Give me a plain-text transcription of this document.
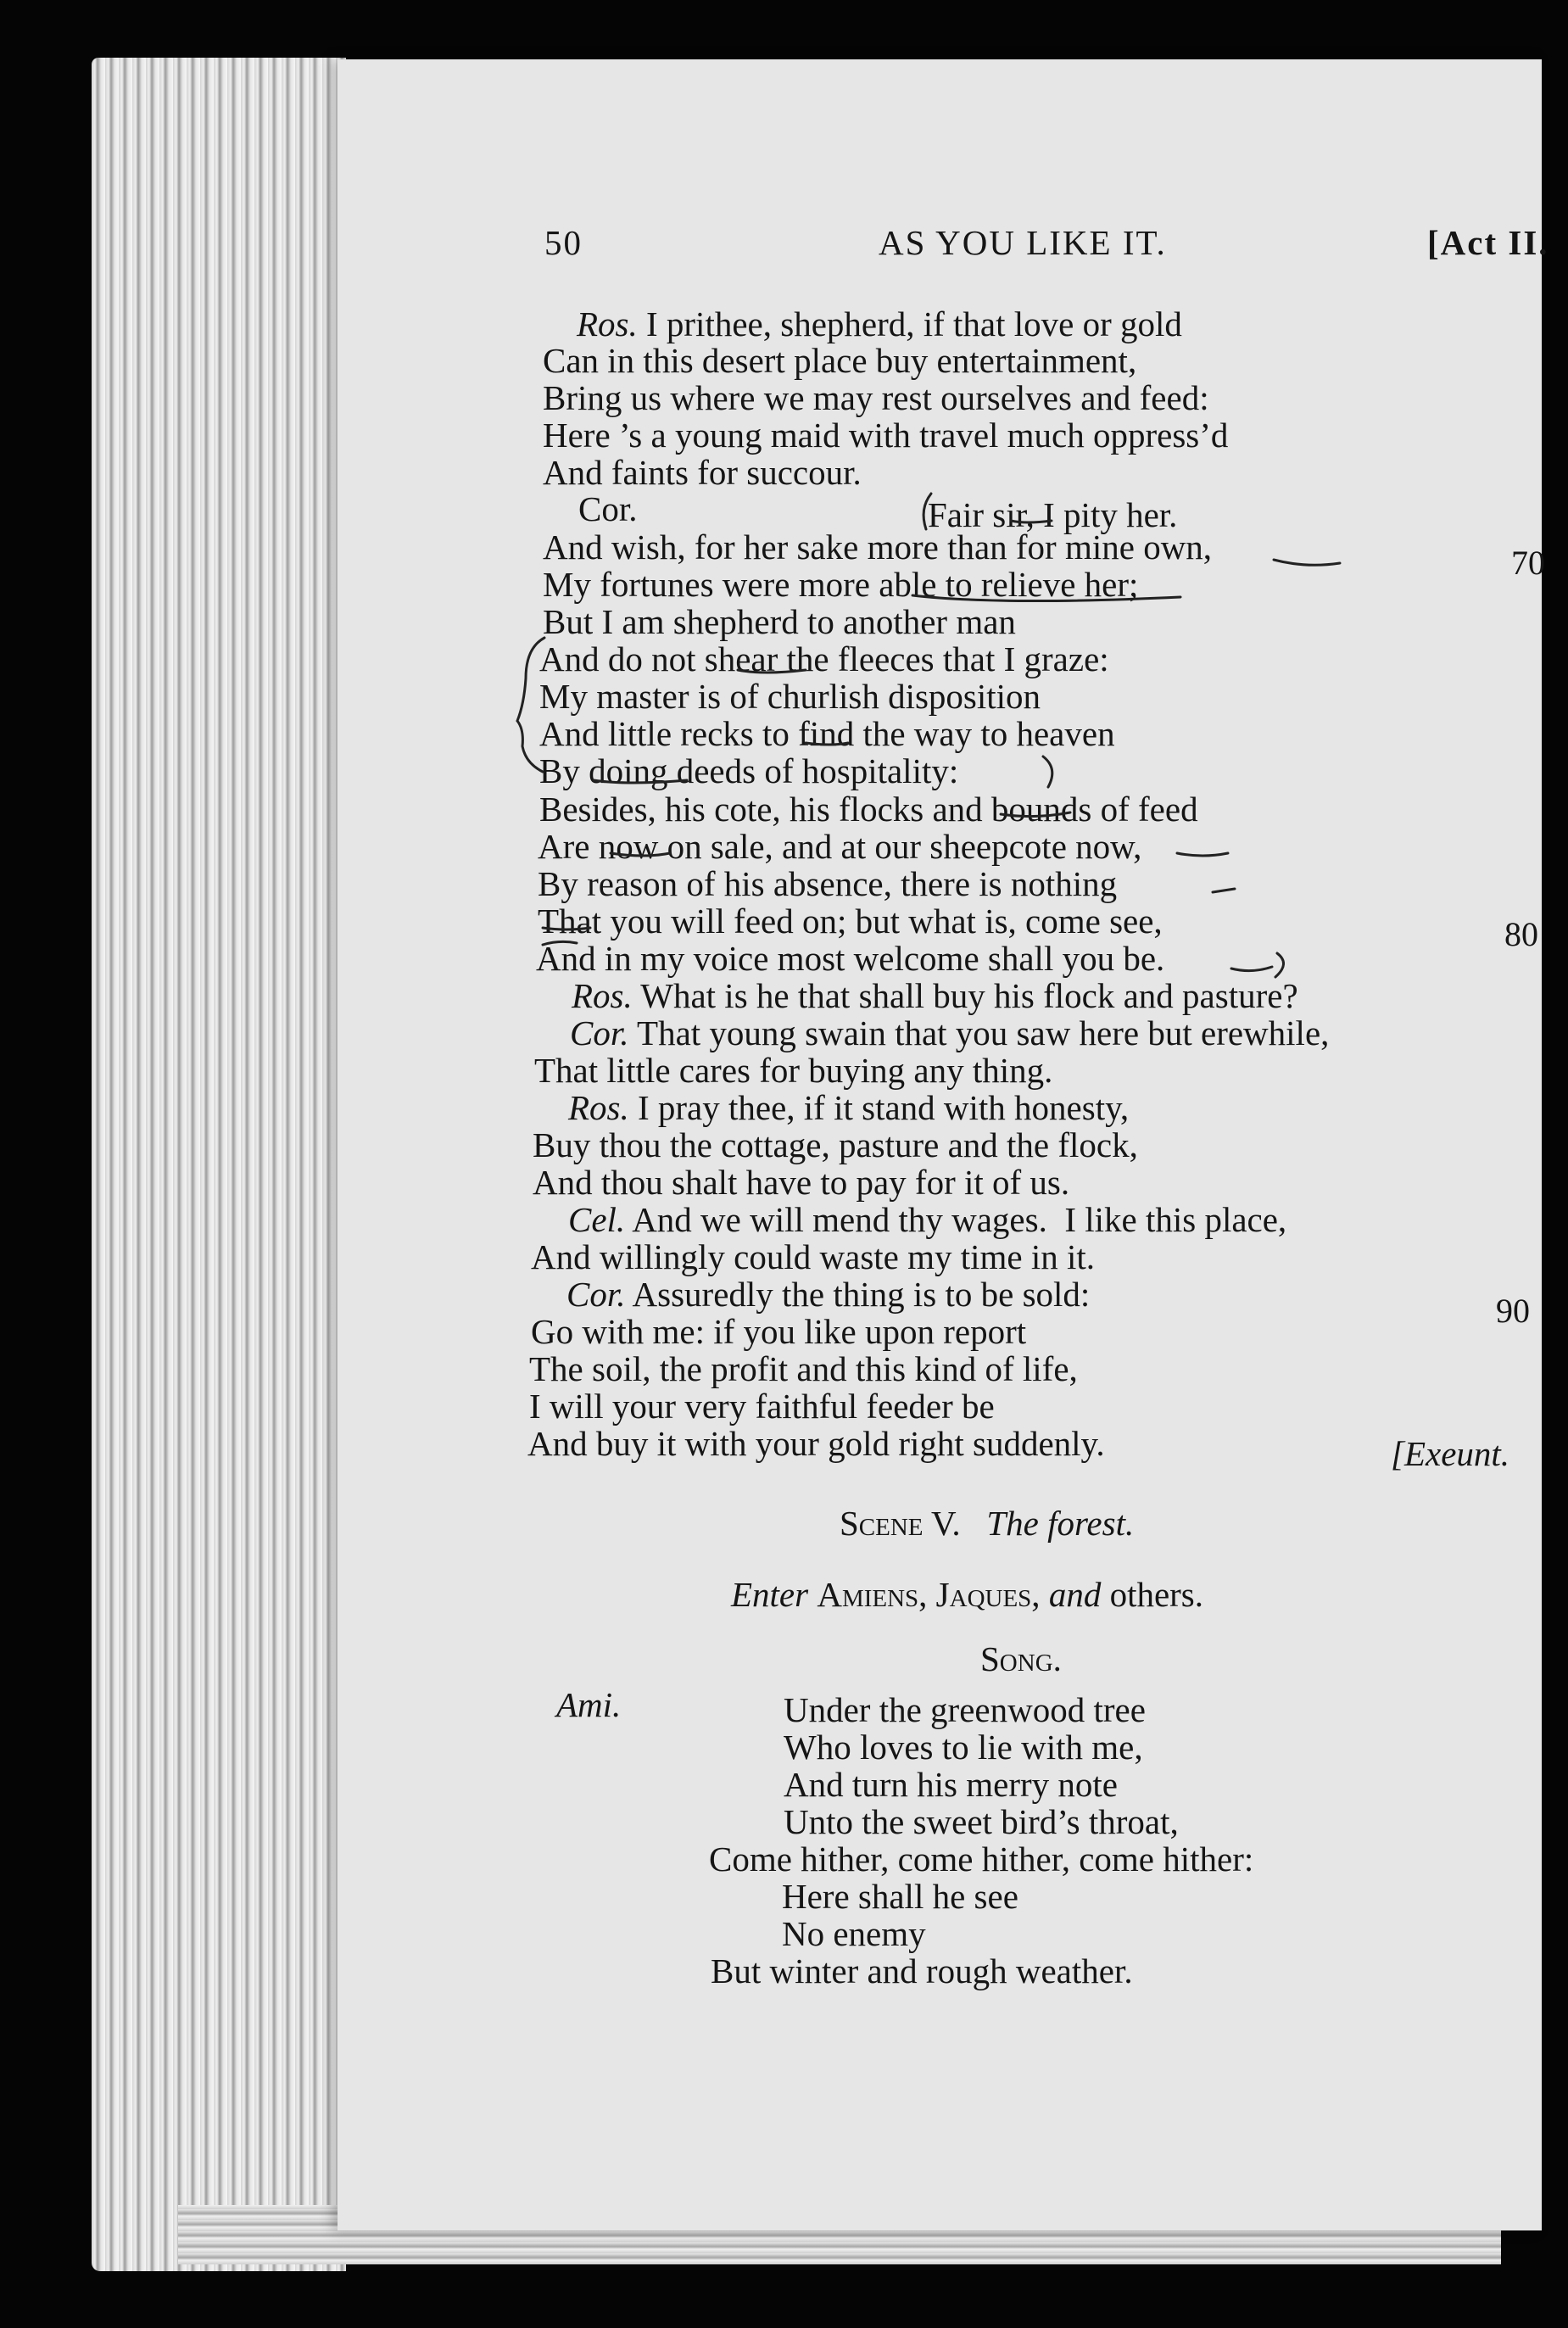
50	AS YOU LIKE IT.	[Act II.
Ros. I prithee, shepherd, if that love or gold
Can in this desert place buy entertainment,
Bring us where we may rest ourselves and feed:
Here ’s a young maid with travel much oppress’d
And faints for succour.
Cor.	Fair sir, I pity her.
And wish, for her sake more than for mine own,
My fortunes were more able to relieve her;
But I am shepherd to another man
And do not shear the fleeces that I graze:
My master is of churlish disposition
And little recks to find the way to heaven
By doing deeds of hospitality:
Besides, his cote, his flocks and bounds of feed
Are now on sale, and at our sheepcote now,
By reason of his absence, there is nothing
That you will feed on; but what is, come see,
And in my voice most welcome shall you be.
Ros. What is he that shall buy his flock and pasture?
Cor. That young swain that you saw here but erewhile,
That little cares for buying any thing.
Ros. I pray thee, if it stand with honesty,
Buy thou the cottage, pasture and the flock,
And thou shalt have to pay for it of us.
Cel. And we will mend thy wages.  I like this place,
And willingly could waste my time in it.
Cor. Assuredly the thing is to be sold:
Go with me: if you like upon report
The soil, the profit and this kind of life,
I will your very faithful feeder be
And buy it with your gold right suddenly.
70
80
90
[Exeunt.
Scene V. The forest.
Enter Amiens, Jaques, and others.
Song.
Ami.	Under the greenwood tree
Who loves to lie with me,
And turn his merry note
Unto the sweet bird’s throat,
Come hither, come hither, come hither:
Here shall he see
No enemy
But winter and rough weather.
